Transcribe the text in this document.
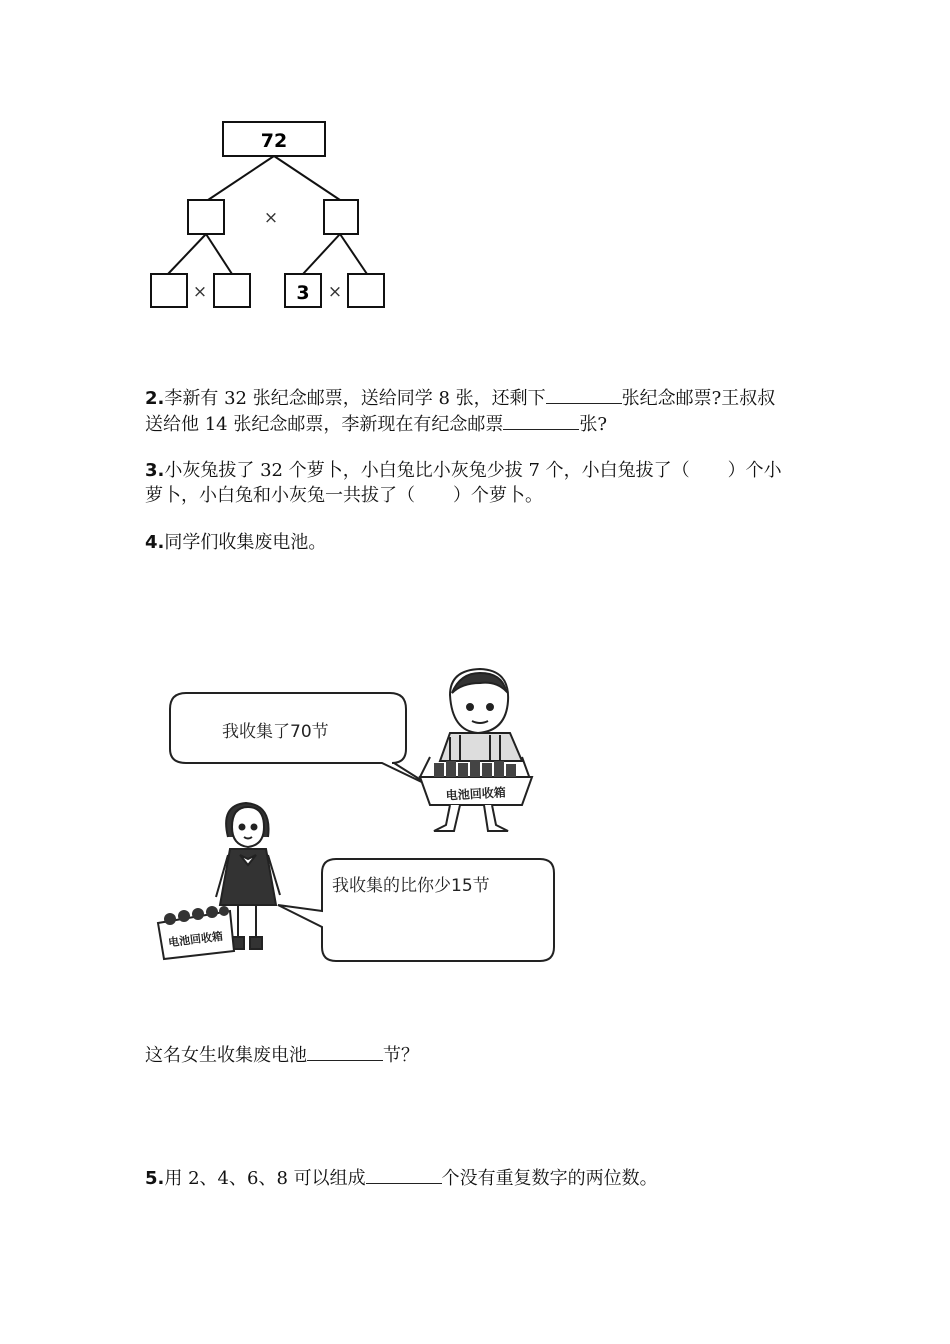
72
×
×	×
3
2.李新有 32 张纪念邮票，送给同学 8 张，还剩下	张纪念邮票?王叔叔
送给他 14 张纪念邮票，李新现在有纪念邮票	张?
3.小灰兔拔了 32 个萝卜，小白兔比小灰兔少拔 7 个，小白兔拔了（ ）个小
萝卜，小白兔和小灰兔一共拔了（ ）个萝卜。
4.同学们收集废电池。
我收集了70节
电池回收箱
电池回收箱
我收集的比你少15节
这名女生收集废电池	节？
5.用 2、4、6、8 可以组成	个没有重复数字的两位数。
